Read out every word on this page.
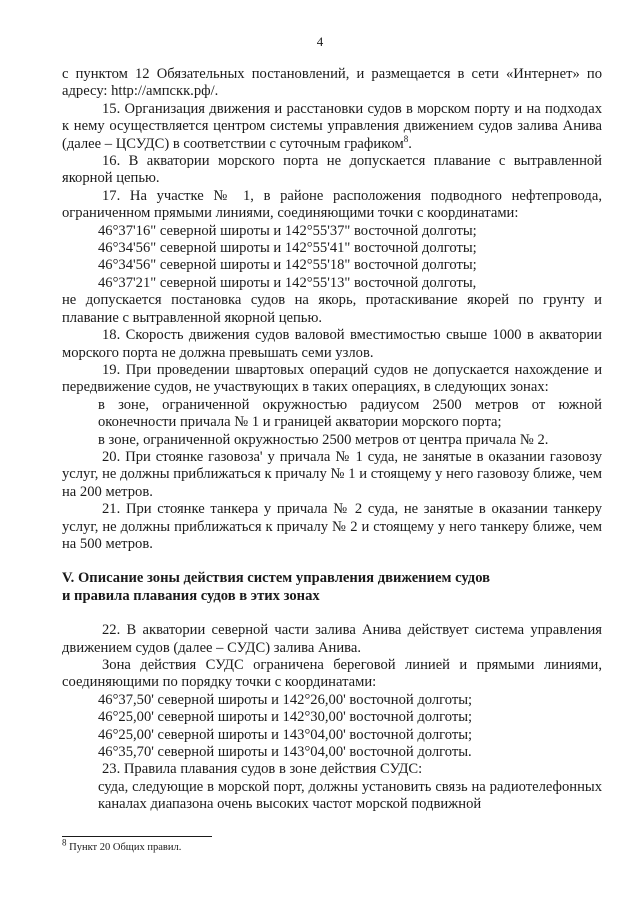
4

с пунктом 12 Обязательных постановлений, и размещается в сети «Интернет» по адресу: http://ампскк.рф/.

15. Организация движения и расстановки судов в морском порту и на подходах к нему осуществляется центром системы управления движением судов залива Анива (далее – ЦСУДС) в соответствии с суточным графиком$^8$.

16. В акватории морского порта не допускается плавание с вытравленной якорной цепью.

17. На участке № 1, в районе расположения подводного нефтепровода, ограниченном прямыми линиями, соединяющими точки с координатами:

46°37'16" северной широты и 142°55'37" восточной долготы;

46°34'56" северной широты и 142°55'41" восточной долготы;

46°34'56" северной широты и 142°55'18" восточной долготы;

46°37'21" северной широты и 142°55'13" восточной долготы,

не допускается постановка судов на якорь, протаскивание якорей по грунту и плавание с вытравленной якорной цепью.

18. Скорость движения судов валовой вместимостью свыше 1000 в акватории морского порта не должна превышать семи узлов.

19. При проведении швартовых операций судов не допускается нахождение и передвижение судов, не участвующих в таких операциях, в следующих зонах:

в зоне, ограниченной окружностью радиусом 2500 метров от южной оконечности причала № 1 и границей акватории морского порта;

в зоне, ограниченной окружностью 2500 метров от центра причала № 2.

20. При стоянке газовоза' у причала № 1 суда, не занятые в оказании газовозу услуг, не должны приближаться к причалу № 1 и стоящему у него газовозу ближе, чем на 200 метров.

21. При стоянке танкера у причала № 2 суда, не занятые в оказании танкеру услуг, не должны приближаться к причалу № 2 и стоящему у него танкеру ближе, чем на 500 метров.

V. Описание зоны действия систем управления движением судов

и правила плавания судов в этих зонах

22. В акватории северной части залива Анива действует система управления движением судов (далее – СУДС) залива Анива.

Зона действия СУДС ограничена береговой линией и прямыми линиями, соединяющими по порядку точки с координатами:

46°37,50' северной широты и 142°26,00' восточной долготы;

46°25,00' северной широты и 142°30,00' восточной долготы;

46°25,00' северной широты и 143°04,00' восточной долготы;

46°35,70' северной широты и 143°04,00' восточной долготы.

23. Правила плавания судов в зоне действия СУДС:

суда, следующие в морской порт, должны установить связь на радиотелефонных каналах диапазона очень высоких частот морской подвижной

$^8$ Пункт 20 Общих правил.
